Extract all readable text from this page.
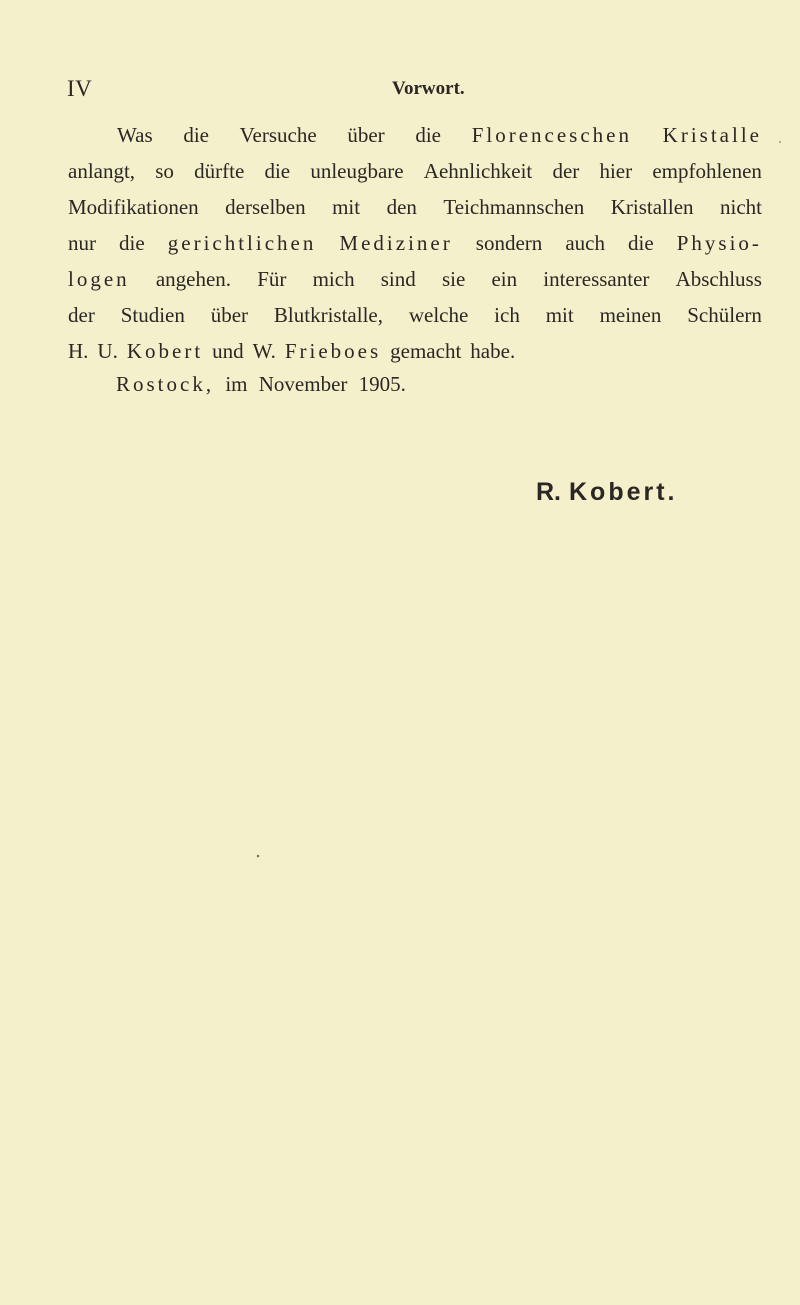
IV	Vorwort.
Was die Versuche über die Florenceschen Kristalle
anlangt, so dürfte die unleugbare Aehnlichkeit der hier empfohlenen
Modifikationen derselben mit den Teichmannschen Kristallen nicht
nur die gerichtlichen Mediziner sondern auch die Physio-
logen angehen. Für mich sind sie ein interessanter Abschluss
der Studien über Blutkristalle, welche ich mit meinen Schülern
H. U. Kobert und W. Frieboes gemacht habe.
Rostock, im November 1905.
R. Kobert.
